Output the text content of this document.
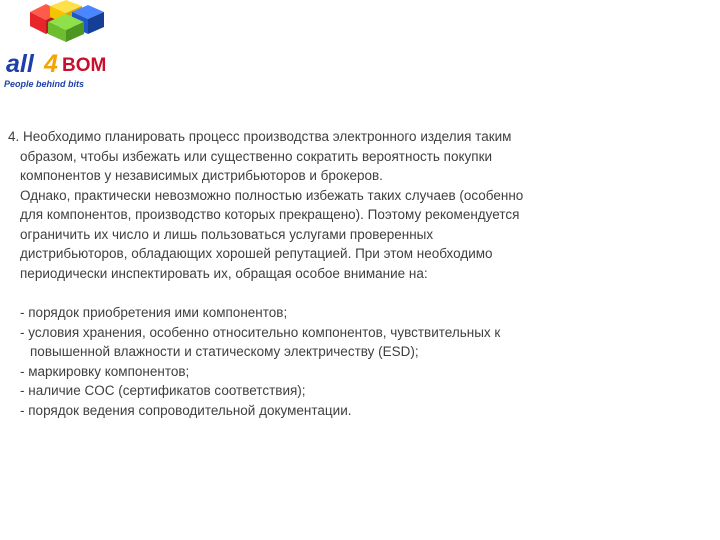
all 4 BOM
People behind bits

4. Необходимо планировать процесс производства электронного изделия таким

образом, чтобы избежать или существенно сократить вероятность покупки

компонентов у независимых дистрибьюторов и брокеров.

Однако, практически невозможно полностью избежать таких случаев (особенно

для компонентов, производство которых прекращено). Поэтому рекомендуется

ограничить их число и лишь пользоваться услугами проверенных

дистрибьюторов, обладающих хорошей репутацией. При этом необходимо

периодически инспектировать их, обращая особое внимание на:

- порядок приобретения ими компонентов;

- условия хранения, особенно относительно компонентов, чувствительных к

повышенной влажности и статическому электричеству (ESD);

- маркировку компонентов;

- наличие COC (сертификатов соответствия);

- порядок ведения сопроводительной документации.
